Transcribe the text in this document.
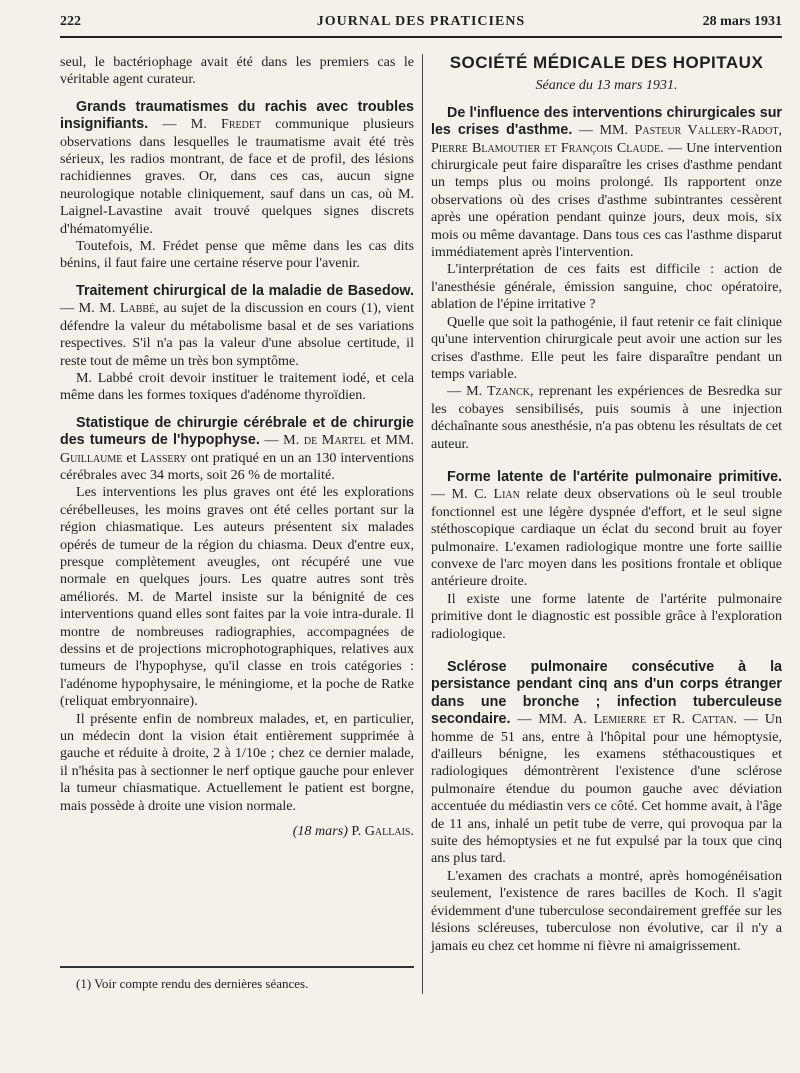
222	JOURNAL DES PRATICIENS	28 mars 1931

seul, le bactériophage avait été dans les premiers cas le véritable agent curateur.

Grands traumatismes du rachis avec troubles insignifiants. — M. Fredet communique plusieurs observations dans lesquelles le traumatisme avait été très sérieux, les radios montrant, de face et de profil, des lésions rachidiennes graves. Or, dans ces cas, aucun signe neurologique notable cliniquement, sauf dans un cas, où M. Laignel-Lavastine avait trouvé quelques signes discrets d'hématomyélie.

Toutefois, M. Frédet pense que même dans les cas dits bénins, il faut faire une certaine réserve pour l'avenir.

Traitement chirurgical de la maladie de Basedow. — M. M. Labbé, au sujet de la discussion en cours (1), vient défendre la valeur du métabolisme basal et de ses variations respectives. S'il n'a pas la valeur d'une absolue certitude, il reste tout de même un très bon symptôme.

M. Labbé croit devoir instituer le traitement iodé, et cela même dans les formes toxiques d'adénome thyroïdien.

Statistique de chirurgie cérébrale et de chirurgie des tumeurs de l'hypophyse. — M. de Martel et MM. Guillaume et Lassery ont pratiqué en un an 130 interventions cérébrales avec 34 morts, soit 26 % de mortalité.

Les interventions les plus graves ont été les explorations cérébelleuses, les moins graves ont été celles portant sur la région chiasmatique. Les auteurs présentent six malades opérés de tumeur de la région du chiasma. Deux d'entre eux, presque complètement aveugles, ont récupéré une vue normale en quelques jours. Les quatre autres sont très améliorés. M. de Martel insiste sur la bénignité de ces interventions quand elles sont faites par la voie intra-durale. Il montre de nombreuses radiographies, accompagnées de dessins et de projections microphotographiques, relatives aux tumeurs de l'hypophyse, qu'il classe en trois catégories : l'adénome hypophysaire, le méningiome, et la poche de Ratke (reliquat embryonnaire).

Il présente enfin de nombreux malades, et, en particulier, un médecin dont la vision était entièrement supprimée à gauche et réduite à droite, 2 à 1/10e ; chez ce dernier malade, il n'hésita pas à sectionner le nerf optique gauche pour enlever la tumeur chiasmatique. Actuellement le patient est borgne, mais possède à droite une vision normale.

(18 mars) P. Gallais.
(1) Voir compte rendu des dernières séances.
SOCIÉTÉ MÉDICALE DES HOPITAUX
Séance du 13 mars 1931.

De l'influence des interventions chirurgicales sur les crises d'asthme. — MM. Pasteur Vallery-Radot, Pierre Blamoutier et François Claude. — Une intervention chirurgicale peut faire disparaître les crises d'asthme pendant un temps plus ou moins prolongé. Ils rapportent onze observations où des crises d'asthme subintrantes cessèrent après une opération pendant quinze jours, deux mois, six mois ou même davantage. Dans tous ces cas l'asthme disparut immédiatement après l'intervention.

L'interprétation de ces faits est difficile : action de l'anesthésie générale, émission sanguine, choc opératoire, ablation de l'épine irritative ?

Quelle que soit la pathogénie, il faut retenir ce fait clinique qu'une intervention chirurgicale peut avoir une action sur les crises d'asthme. Elle peut les faire disparaître pendant un temps variable.

— M. Tzanck, reprenant les expériences de Besredka sur les cobayes sensibilisés, puis soumis à une injection déchaînante sous anesthésie, n'a pas obtenu les résultats de cet auteur.

Forme latente de l'artérite pulmonaire primitive. — M. C. Lian relate deux observations où le seul trouble fonctionnel est une légère dyspnée d'effort, et le seul signe stéthoscopique cardiaque un éclat du second bruit au foyer pulmonaire. L'examen radiologique montre une forte saillie convexe de l'arc moyen dans les positions frontale et oblique antérieure droite.

Il existe une forme latente de l'artérite pulmonaire primitive dont le diagnostic est possible grâce à l'exploration radiologique.

Sclérose pulmonaire consécutive à la persistance pendant cinq ans d'un corps étranger dans une bronche ; infection tuberculeuse secondaire. — MM. A. Lemierre et R. Cattan. — Un homme de 51 ans, entre à l'hôpital pour une hémoptysie, d'ailleurs bénigne, les examens stéthacoustiques et radiologiques démontrèrent l'existence d'une sclérose pulmonaire étendue du poumon gauche avec déviation accentuée du médiastin vers ce côté. Cet homme avait, à l'âge de 11 ans, inhalé un petit tube de verre, qui provoqua par la suite des hémoptysies et ne fut expulsé par la toux que cinq ans plus tard.

L'examen des crachats a montré, après homogénéisation seulement, l'existence de rares bacilles de Koch. Il s'agit évidemment d'une tuberculose secondairement greffée sur les lésions scléreuses, tuberculose non évolutive, car il n'y a jamais eu chez cet homme ni fièvre ni amaigrissement.
